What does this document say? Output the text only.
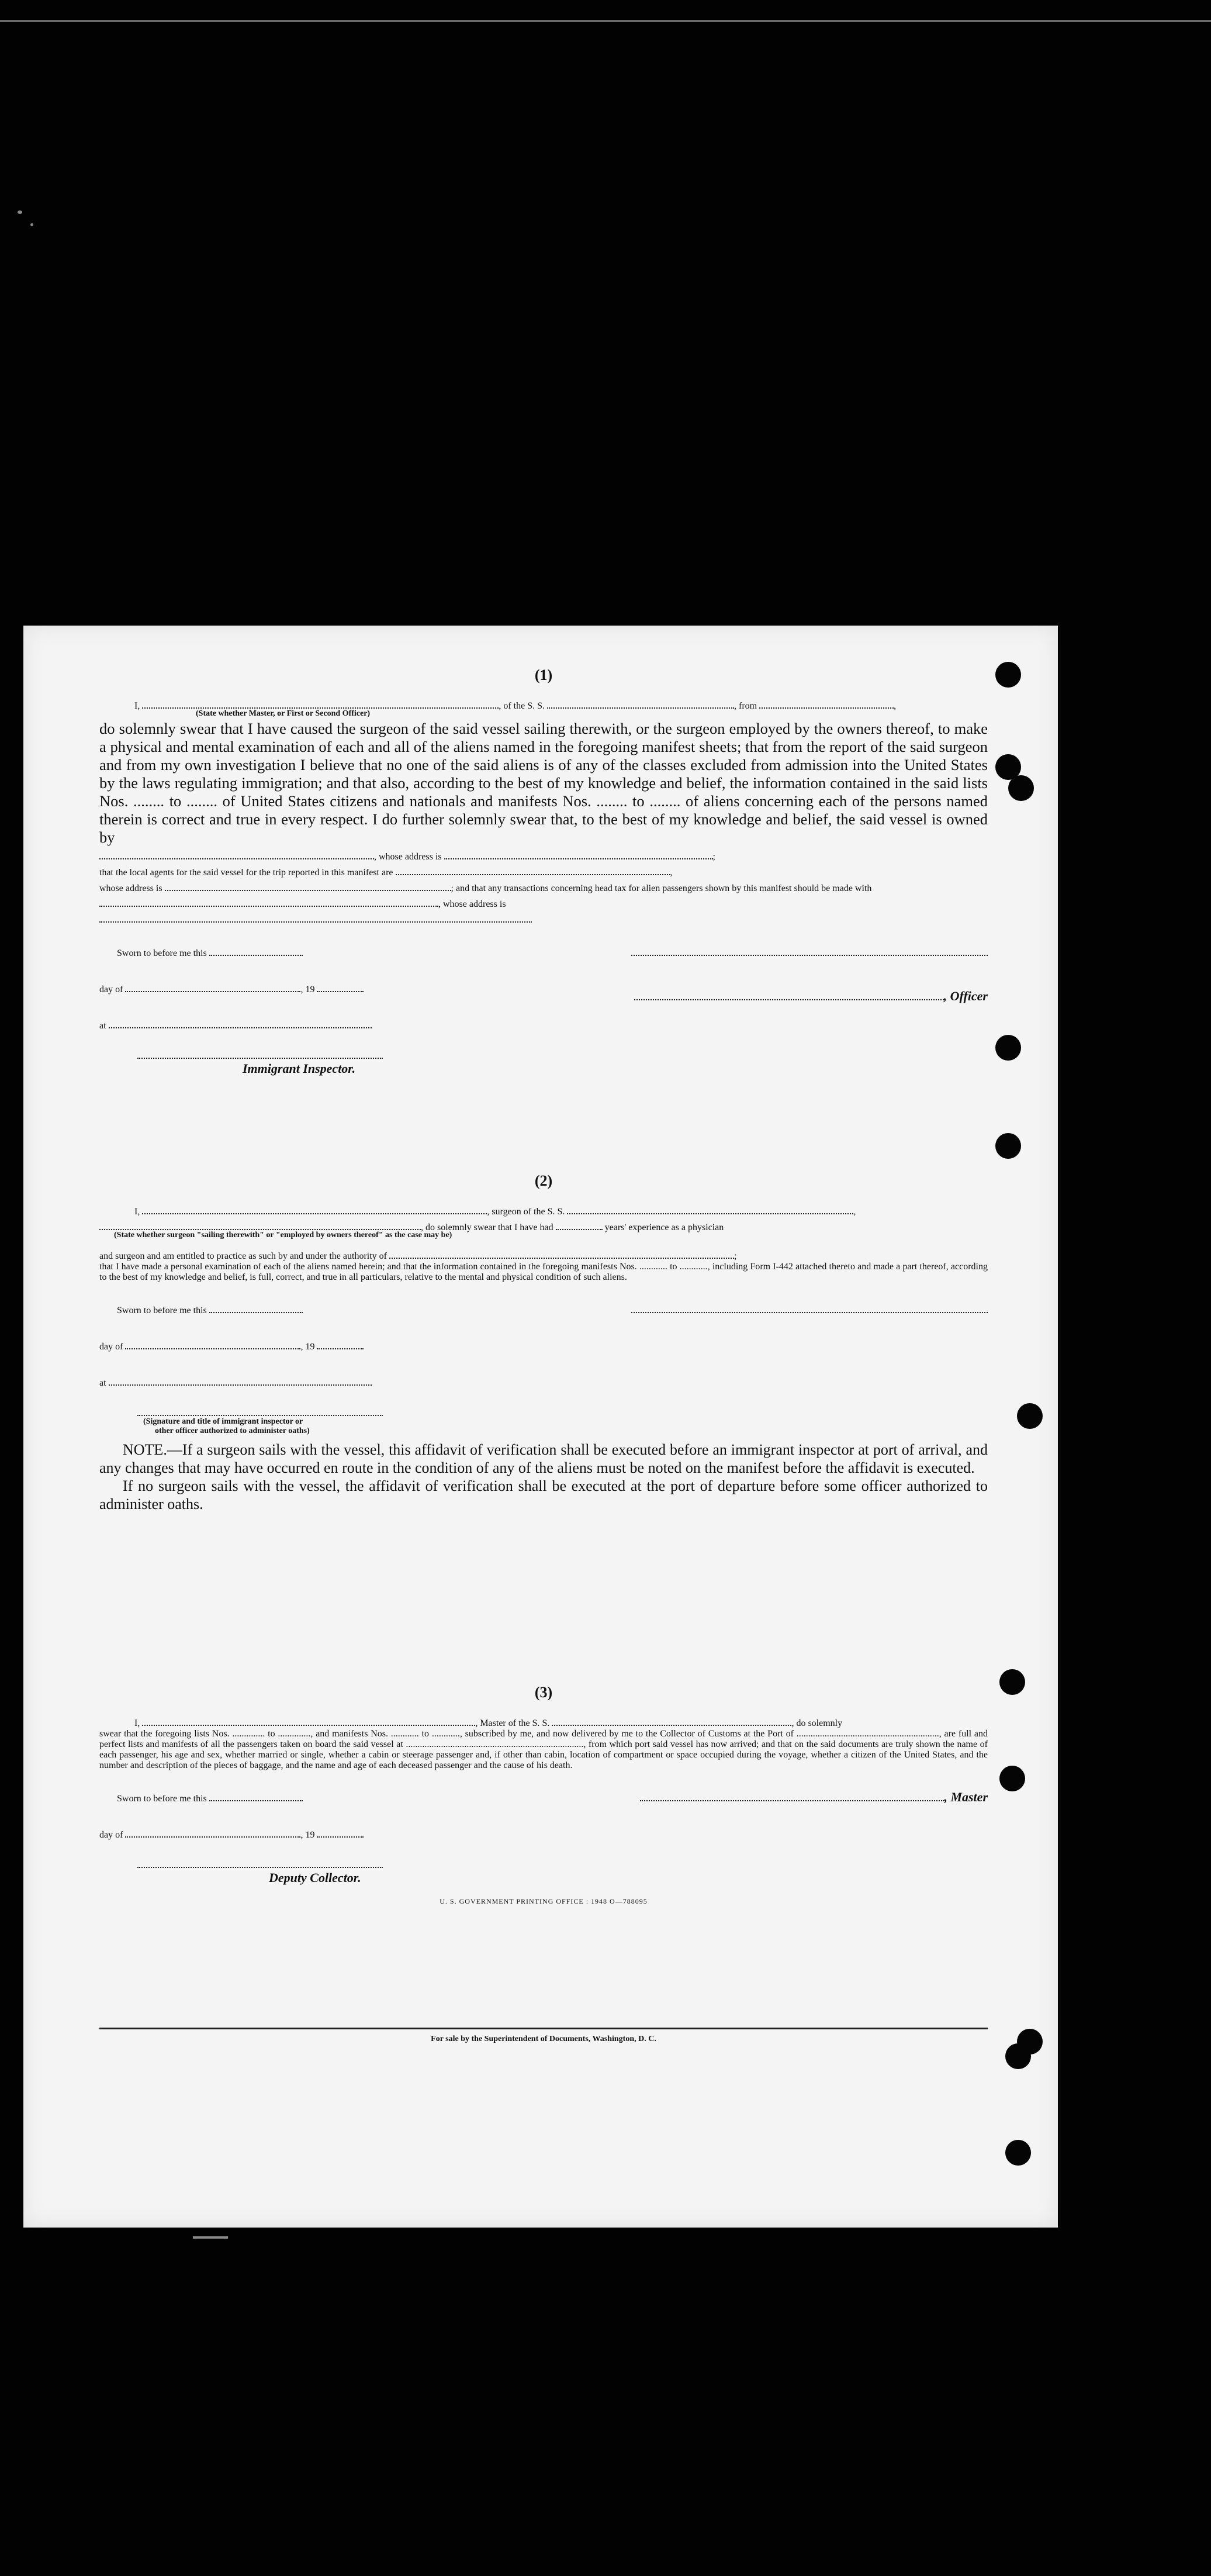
(1)

I,	, of the S. S.	, from	,
(State whether Master, or First or Second Officer)
do solemnly swear that I have caused the surgeon of the said vessel sailing therewith, or the surgeon employed by the owners thereof, to make a physical and mental examination of each and all of the aliens named in the foregoing manifest sheets; that from the report of the said surgeon and from my own investigation I believe that no one of the said aliens is of any of the classes excluded from admission into the United States by the laws regulating immigration; and that also, according to the best of my knowledge and belief, the information contained in the said lists Nos. ........ to ........ of United States citizens and nationals and manifests Nos. ........ to ........ of aliens concerning each of the persons named therein is correct and true in every respect. I do further solemnly swear that, to the best of my knowledge and belief, the said vessel is owned by
, whose address is	;
that the local agents for the said vessel for the trip reported in this manifest are	,
whose address is	; and that any transactions concerning head tax for alien passengers shown by this manifest should be made with
, whose address is
Sworn to before me this
day of	, 19	, Officer
at
Immigrant Inspector.

(2)

I,	, surgeon of the S. S.	,
, do solemnly swear that I have had	years' experience as a physician
(State whether surgeon "sailing therewith" or "employed by owners thereof" as the case may be)
and surgeon and am entitled to practice as such by and under the authority of	;
that I have made a personal examination of each of the aliens named herein; and that the information contained in the foregoing manifests Nos. ............ to ............, including Form I-442 attached thereto and made a part thereof, according to the best of my knowledge and belief, is full, correct, and true in all particulars, relative to the mental and physical condition of such aliens.
Sworn to before me this
day of	, 19
at
(Signature and title of immigrant inspector or
other officer authorized to administer oaths)
NOTE.—If a surgeon sails with the vessel, this affidavit of verification shall be executed before an immigrant inspector at port of arrival, and any changes that may have occurred en route in the condition of any of the aliens must be noted on the manifest before the affidavit is executed.
If no surgeon sails with the vessel, the affidavit of verification shall be executed at the port of departure before some officer authorized to administer oaths.

(3)

I,	, Master of the S. S.	, do solemnly
swear that the foregoing lists Nos. .............. to .............., and manifests Nos. ............ to ............, subscribed by me, and now delivered by me to the Collector of Customs at the Port of ............................................................., are full and perfect lists and manifests of all the passengers taken on board the said vessel at ............................................................................, from which port said vessel has now arrived; and that on the said documents are truly shown the name of each passenger, his age and sex, whether married or single, whether a cabin or steerage passenger and, if other than cabin, location of compartment or space occupied during the voyage, whether a citizen of the United States, and the number and description of the pieces of baggage, and the name and age of each deceased passenger and the cause of his death.
Sworn to before me this	, Master
day of	, 19
Deputy Collector.
U. S. GOVERNMENT PRINTING OFFICE : 1948 O—788095
For sale by the Superintendent of Documents, Washington, D. C.
